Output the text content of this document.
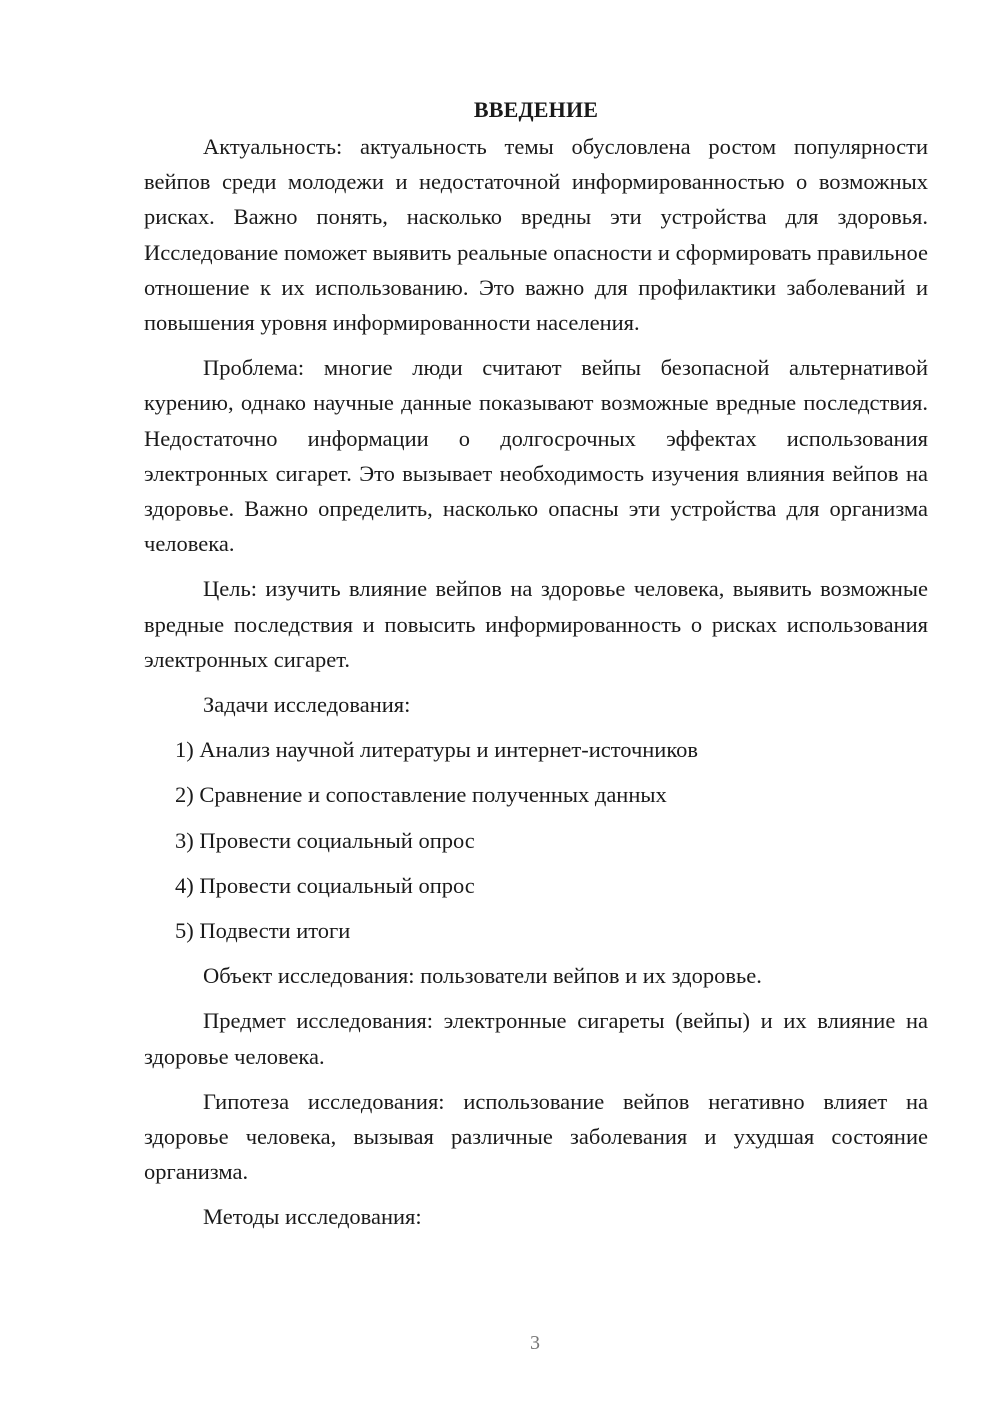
ВВЕДЕНИЕ

Актуальность: актуальность темы обусловлена ростом популярности вейпов среди молодежи и недостаточной информированностью о возможных рисках. Важно понять, насколько вредны эти устройства для здоровья. Исследование поможет выявить реальные опасности и сформировать правильное отношение к их использованию. Это важно для профилактики заболеваний и повышения уровня информированности населения.

Проблема: многие люди считают вейпы безопасной альтернативой курению, однако научные данные показывают возможные вредные последствия. Недостаточно информации о долгосрочных эффектах использования электронных сигарет. Это вызывает необходимость изучения влияния вейпов на здоровье. Важно определить, насколько опасны эти устройства для организма человека.

Цель: изучить влияние вейпов на здоровье человека, выявить возможные вредные последствия и повысить информированность о рисках использования электронных сигарет.

Задачи исследования:

1) Анализ научной литературы и интернет-источников
2) Сравнение и сопоставление полученных данных
3) Провести социальный опрос
4) Провести социальный опрос
5) Подвести итоги

Объект исследования: пользователи вейпов и их здоровье.

Предмет исследования: электронные сигареты (вейпы) и их влияние на здоровье человека.

Гипотеза исследования: использование вейпов негативно влияет на здоровье человека, вызывая различные заболевания и ухудшая состояние организма.

Методы исследования:

3
